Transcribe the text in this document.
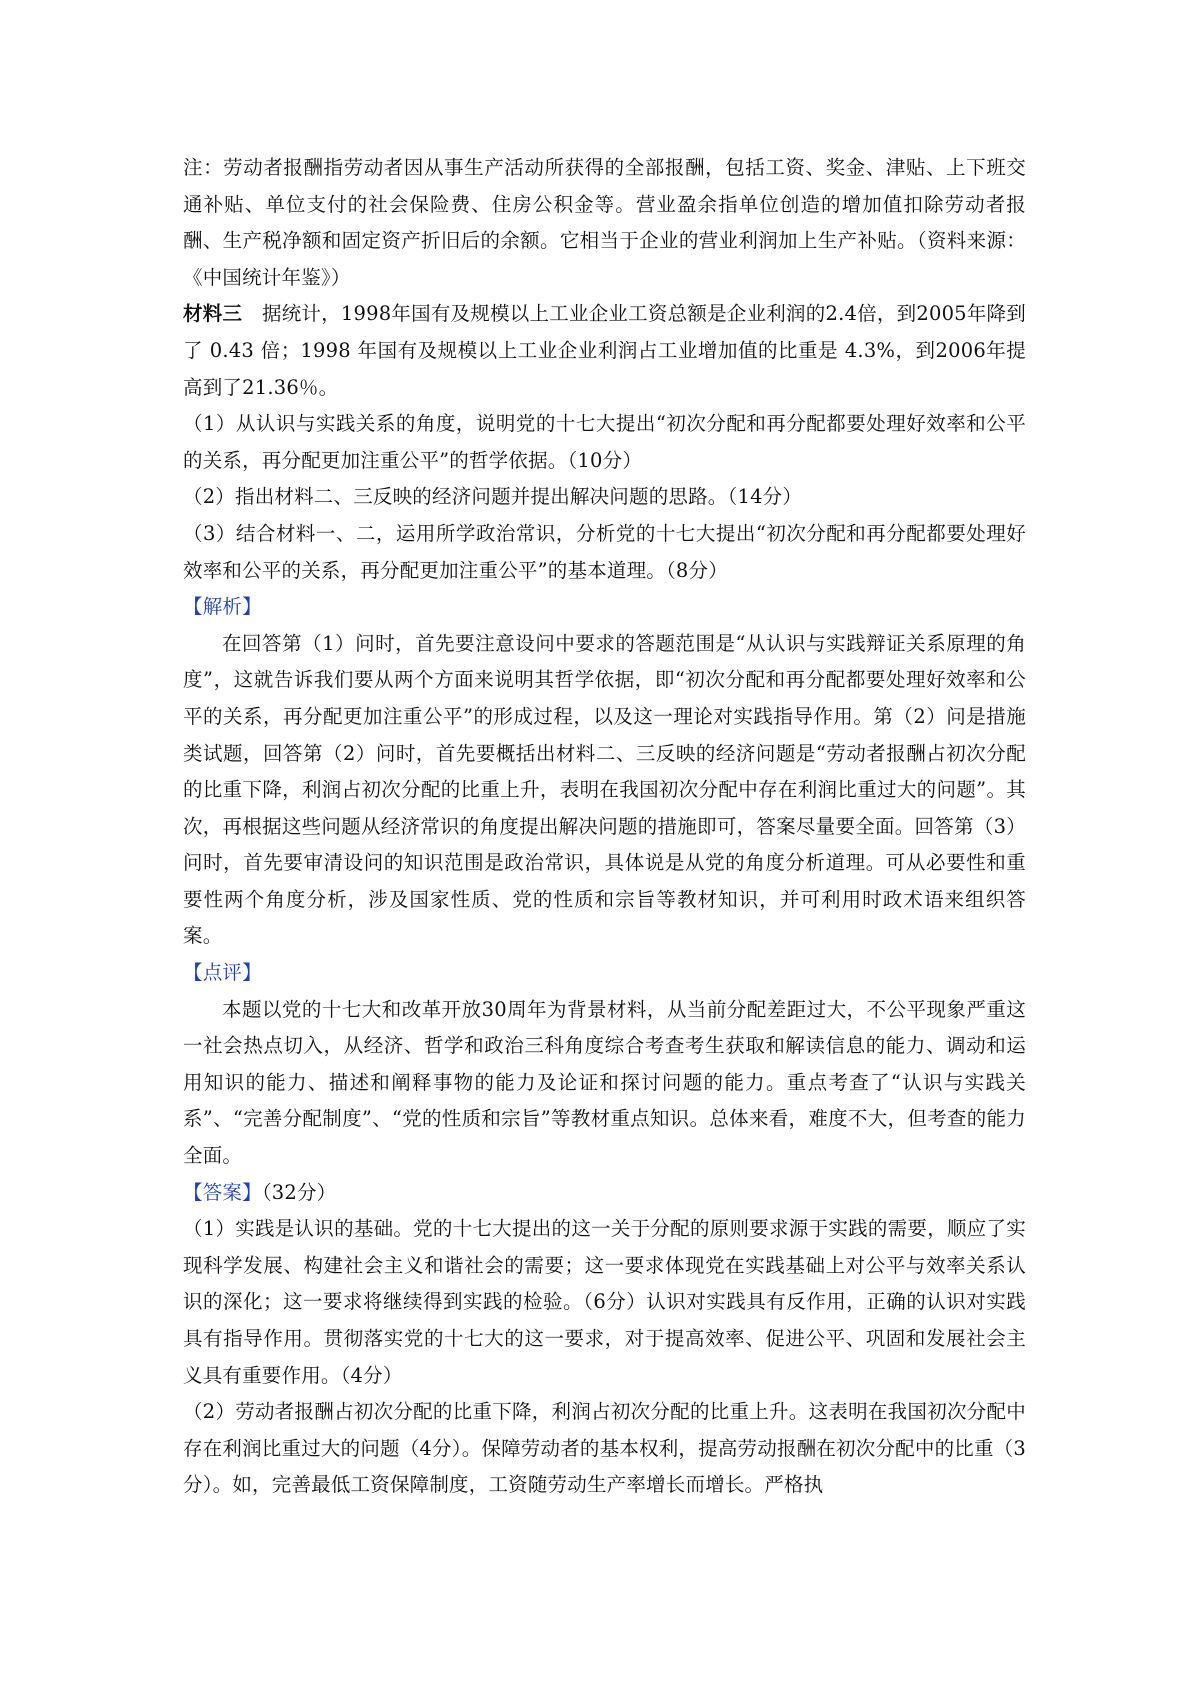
注：劳动者报酬指劳动者因从事生产活动所获得的全部报酬，包括工资、奖金、津贴、上下班交通补贴、单位支付的社会保险费、住房公积金等。营业盈余指单位创造的增加值扣除劳动者报酬、生产税净额和固定资产折旧后的余额。它相当于企业的营业利润加上生产补贴。（资料来源：《中国统计年鉴》）

材料三　据统计，1998年国有及规模以上工业企业工资总额是企业利润的2.4倍，到2005年降到了 0.43 倍；1998 年国有及规模以上工业企业利润占工业增加值的比重是 4.3%，到2006年提高到了21.36％。

（1）从认识与实践关系的角度，说明党的十七大提出“初次分配和再分配都要处理好效率和公平的关系，再分配更加注重公平”的哲学依据。（10分）

（2）指出材料二、三反映的经济问题并提出解决问题的思路。（14分）

（3）结合材料一、二，运用所学政治常识，分析党的十七大提出“初次分配和再分配都要处理好效率和公平的关系，再分配更加注重公平”的基本道理。（8分）

【解析】

在回答第（1）问时，首先要注意设问中要求的答题范围是“从认识与实践辩证关系原理的角度”，这就告诉我们要从两个方面来说明其哲学依据，即“初次分配和再分配都要处理好效率和公平的关系，再分配更加注重公平”的形成过程，以及这一理论对实践指导作用。第（2）问是措施类试题，回答第（2）问时，首先要概括出材料二、三反映的经济问题是“劳动者报酬占初次分配的比重下降，利润占初次分配的比重上升，表明在我国初次分配中存在利润比重过大的问题”。其次，再根据这些问题从经济常识的角度提出解决问题的措施即可，答案尽量要全面。回答第（3）问时，首先要审清设问的知识范围是政治常识，具体说是从党的角度分析道理。可从必要性和重要性两个角度分析，涉及国家性质、党的性质和宗旨等教材知识，并可利用时政术语来组织答案。

【点评】

本题以党的十七大和改革开放30周年为背景材料，从当前分配差距过大，不公平现象严重这一社会热点切入，从经济、哲学和政治三科角度综合考查考生获取和解读信息的能力、调动和运用知识的能力、描述和阐释事物的能力及论证和探讨问题的能力。重点考查了“认识与实践关系”、“完善分配制度”、“党的性质和宗旨”等教材重点知识。总体来看，难度不大，但考查的能力全面。

【答案】（32分）

（1）实践是认识的基础。党的十七大提出的这一关于分配的原则要求源于实践的需要，顺应了实现科学发展、构建社会主义和谐社会的需要；这一要求体现党在实践基础上对公平与效率关系认识的深化；这一要求将继续得到实践的检验。（6分）认识对实践具有反作用，正确的认识对实践具有指导作用。贯彻落实党的十七大的这一要求，对于提高效率、促进公平、巩固和发展社会主义具有重要作用。（4分）

（2）劳动者报酬占初次分配的比重下降，利润占初次分配的比重上升。这表明在我国初次分配中存在利润比重过大的问题（4分）。保障劳动者的基本权利，提高劳动报酬在初次分配中的比重（3分）。如，完善最低工资保障制度，工资随劳动生产率增长而增长。严格执
